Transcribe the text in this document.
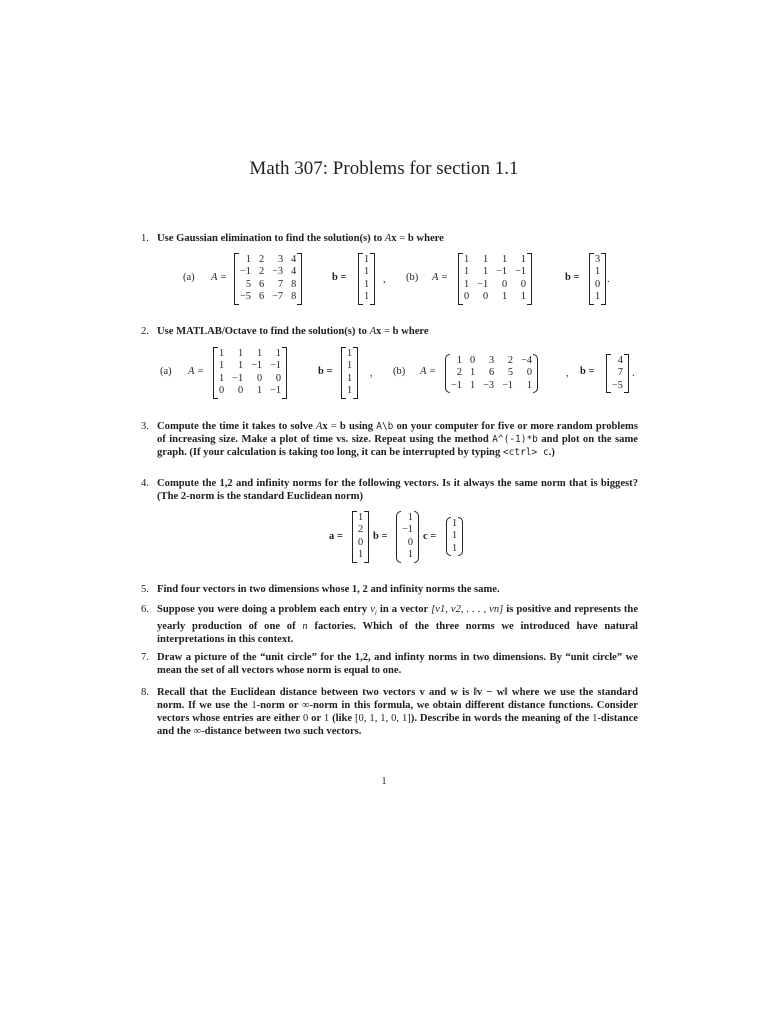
Math 307: Problems for section 1.1
1. Use Gaussian elimination to find the solution(s) to Ax = b where
(a) A =
1	2	3	4
−1	2	−3	4
5	6	7	8
−5	6	−7	8
b =
1
1
1
1
, (b) A =
1	1	1	1
1	1	−1	−1
1	−1	0	0
0	0	1	1
b =
3
1
0
1
.
2. Use MATLAB/Octave to find the solution(s) to Ax = b where
(a) A =
1	1	1	1
1	1	−1	−1
1	−1	0	0
0	0	1	−1
b =
1
1
1
1
, (b) A =
1	0	3	2	−4
2	1	6	5	0
−1	1	−3	−1	1
, b =
4
7
−5
.
3. Compute the time it takes to solve Ax = b using A\b on your computer for five or more random problems of increasing size. Make a plot of time vs. size. Repeat using the method A^(-1)*b and plot on the same graph. (If your calculation is taking too long, it can be interrupted by typing <ctrl> c.)
4. Compute the 1,2 and infinity norms for the following vectors. Is it always the same norm that is biggest? (The 2-norm is the standard Euclidean norm)
a =
1
2
0
1
b =
1
−1
0
1
c =
1
1
1
5. Find four vectors in two dimensions whose 1, 2 and infinity norms the same.
6. Suppose you were doing a problem each entry $v_i$ in a vector [v1, v2, . . . , vn] is positive and represents the yearly production of one of n factories. Which of the three norms we introduced have natural interpretations in this context.
7. Draw a picture of the “unit circle” for the 1,2, and infinty norms in two dimensions. By “unit circle” we mean the set of all vectors whose norm is equal to one.
8. Recall that the Euclidean distance between two vectors v and w is ‖v − w‖ where we use the standard norm. If we use the 1-norm or ∞-norm in this formula, we obtain different distance functions. Consider vectors whose entries are either 0 or 1 (like [0, 1, 1, 0, 1]). Describe in words the meaning of the 1-distance and the ∞-distance between two such vectors.
1
